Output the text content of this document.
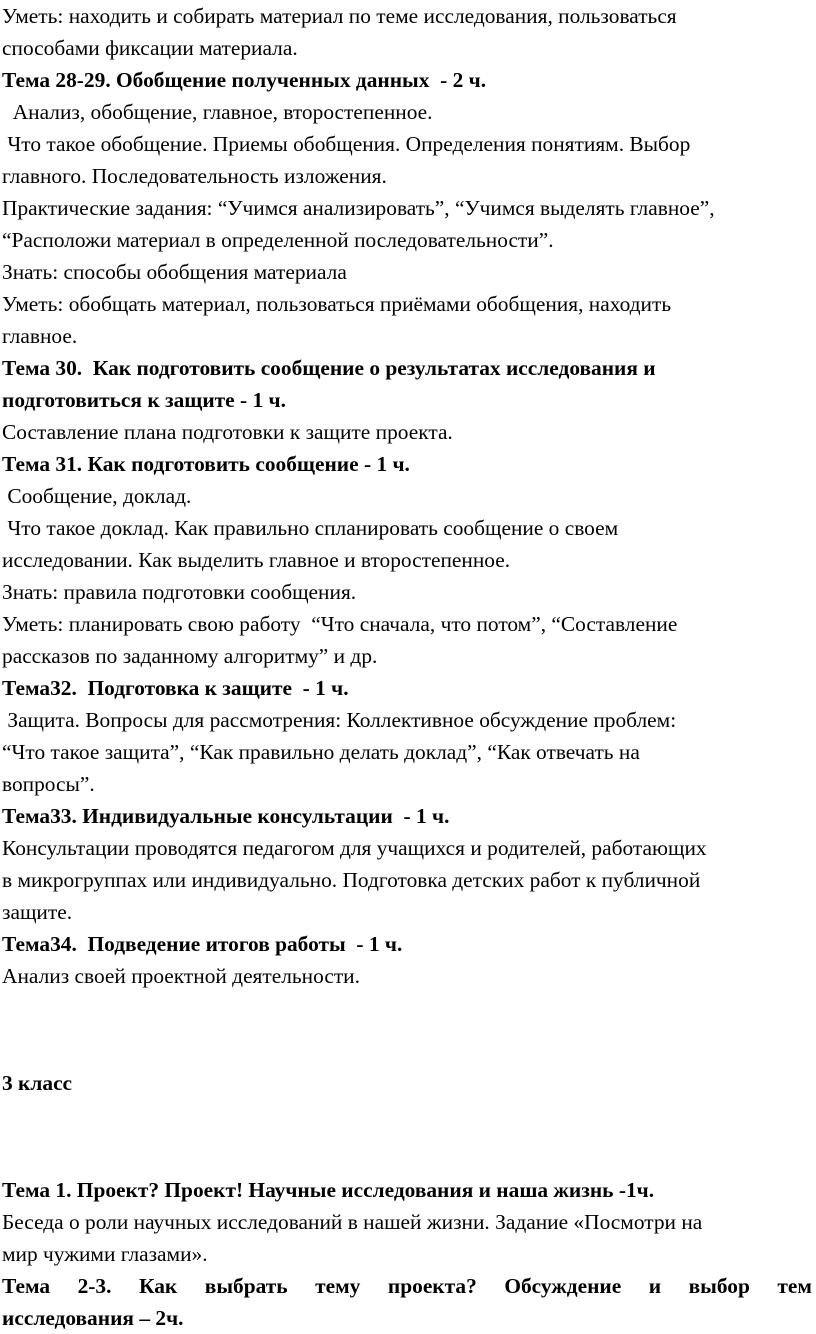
Уметь: находить и собирать материал по теме исследования, пользоваться

способами фиксации материала.

Тема 28-29. Обобщение полученных данных  - 2 ч.

Анализ, обобщение, главное, второстепенное.

Что такое обобщение. Приемы обобщения. Определения понятиям. Выбор

главного. Последовательность изложения.

Практические задания: “Учимся анализировать”, “Учимся выделять главное”,

“Расположи материал в определенной последовательности”.

Знать: способы обобщения материала

Уметь: обобщать материал, пользоваться приёмами обобщения, находить

главное.

Тема 30.  Как подготовить сообщение о результатах исследования и

подготовиться к защите - 1 ч.

Составление плана подготовки к защите проекта.

Тема 31. Как подготовить сообщение - 1 ч.

Сообщение, доклад.

Что такое доклад. Как правильно спланировать сообщение о своем

исследовании. Как выделить главное и второстепенное.

Знать: правила подготовки сообщения.

Уметь: планировать свою работу  “Что сначала, что потом”, “Составление

рассказов по заданному алгоритму” и др.

Тема32.  Подготовка к защите  - 1 ч.

Защита. Вопросы для рассмотрения: Коллективное обсуждение проблем:

“Что такое защита”, “Как правильно делать доклад”, “Как отвечать на

вопросы”.

Тема33. Индивидуальные консультации  - 1 ч.

Консультации проводятся педагогом для учащихся и родителей, работающих

в микрогруппах или индивидуально. Подготовка детских работ к публичной

защите.

Тема34.  Подведение итогов работы  - 1 ч.

Анализ своей проектной деятельности.

3 класс

Тема 1. Проект? Проект! Научные исследования и наша жизнь -1ч.

Беседа о роли научных исследований в нашей жизни. Задание «Посмотри на

мир чужими глазами».

Тема 2-3. Как выбрать тему проекта? Обсуждение и выбор тем

исследования – 2ч.
